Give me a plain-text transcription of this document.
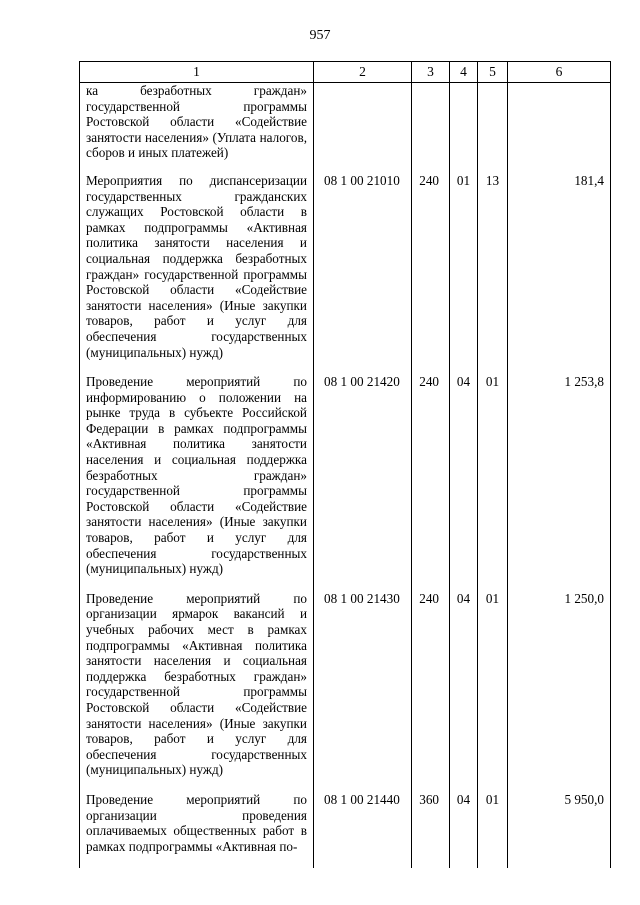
957
1	2	3	4	5	6
ка безработных граждан» государственной программы Ростовской области «Содействие занятости населения» (Уплата налогов, сборов и иных платежей)					
Мероприятия по диспансеризации государственных гражданских служащих Ростовской области в рамках подпрограммы «Активная политика занятости населения и социальная поддержка безработных граждан» государственной программы Ростовской области «Содействие занятости населения» (Иные закупки товаров, работ и услуг для обеспечения государственных (муниципальных) нужд)	08 1 00 21010	240	01	13	181,4
Проведение мероприятий по информированию о положении на рынке труда в субъекте Российской Федерации в рамках подпрограммы «Активная политика занятости населения и социальная поддержка безработных граждан» государственной программы Ростовской области «Содействие занятости населения» (Иные закупки товаров, работ и услуг для обеспечения государственных (муниципальных) нужд)	08 1 00 21420	240	04	01	1 253,8
Проведение мероприятий по организации ярмарок вакансий и учебных рабочих мест в рамках подпрограммы «Активная политика занятости населения и социальная поддержка безработных граждан» государственной программы Ростовской области «Содействие занятости населения» (Иные закупки товаров, работ и услуг для обеспечения государственных (муниципальных) нужд)	08 1 00 21430	240	04	01	1 250,0
Проведение мероприятий по организации проведения оплачиваемых общественных работ в рамках подпрограммы «Активная по-	08 1 00 21440	360	04	01	5 950,0
